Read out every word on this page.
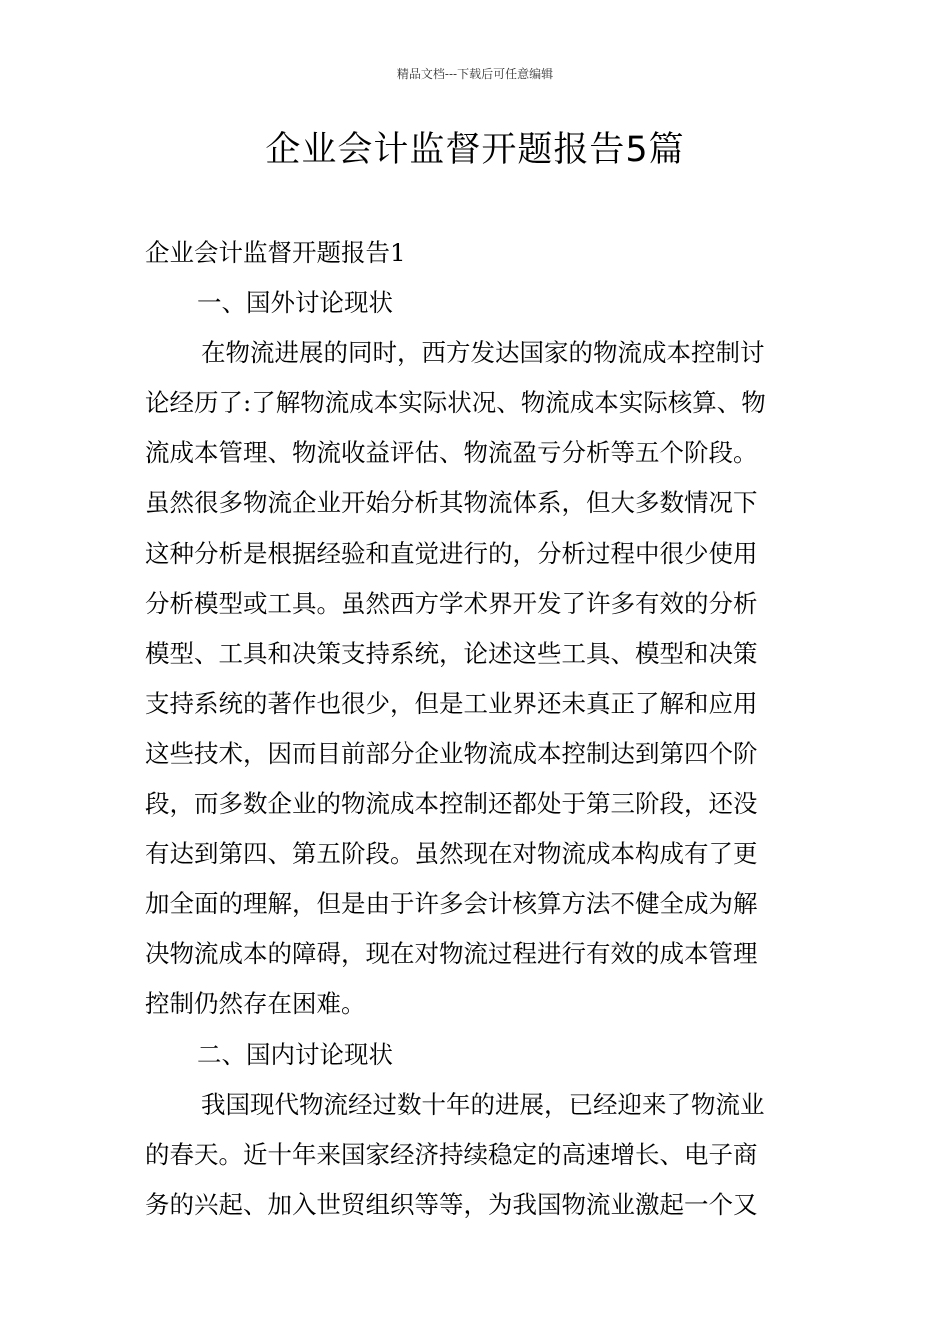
精品文档---下载后可任意编辑
企业会计监督开题报告5篇
企业会计监督开题报告1
一、国外讨论现状
在物流进展的同时，西方发达国家的物流成本控制讨
论经历了:了解物流成本实际状况、物流成本实际核算、物
流成本管理、物流收益评估、物流盈亏分析等五个阶段。
虽然很多物流企业开始分析其物流体系，但大多数情况下
这种分析是根据经验和直觉进行的，分析过程中很少使用
分析模型或工具。虽然西方学术界开发了许多有效的分析
模型、工具和决策支持系统，论述这些工具、模型和决策
支持系统的著作也很少，但是工业界还未真正了解和应用
这些技术，因而目前部分企业物流成本控制达到第四个阶
段，而多数企业的物流成本控制还都处于第三阶段，还没
有达到第四、第五阶段。虽然现在对物流成本构成有了更
加全面的理解，但是由于许多会计核算方法不健全成为解
决物流成本的障碍，现在对物流过程进行有效的成本管理
控制仍然存在困难。
二、国内讨论现状
我国现代物流经过数十年的进展，已经迎来了物流业
的春天。近十年来国家经济持续稳定的高速增长、电子商
务的兴起、加入世贸组织等等，为我国物流业激起一个又
